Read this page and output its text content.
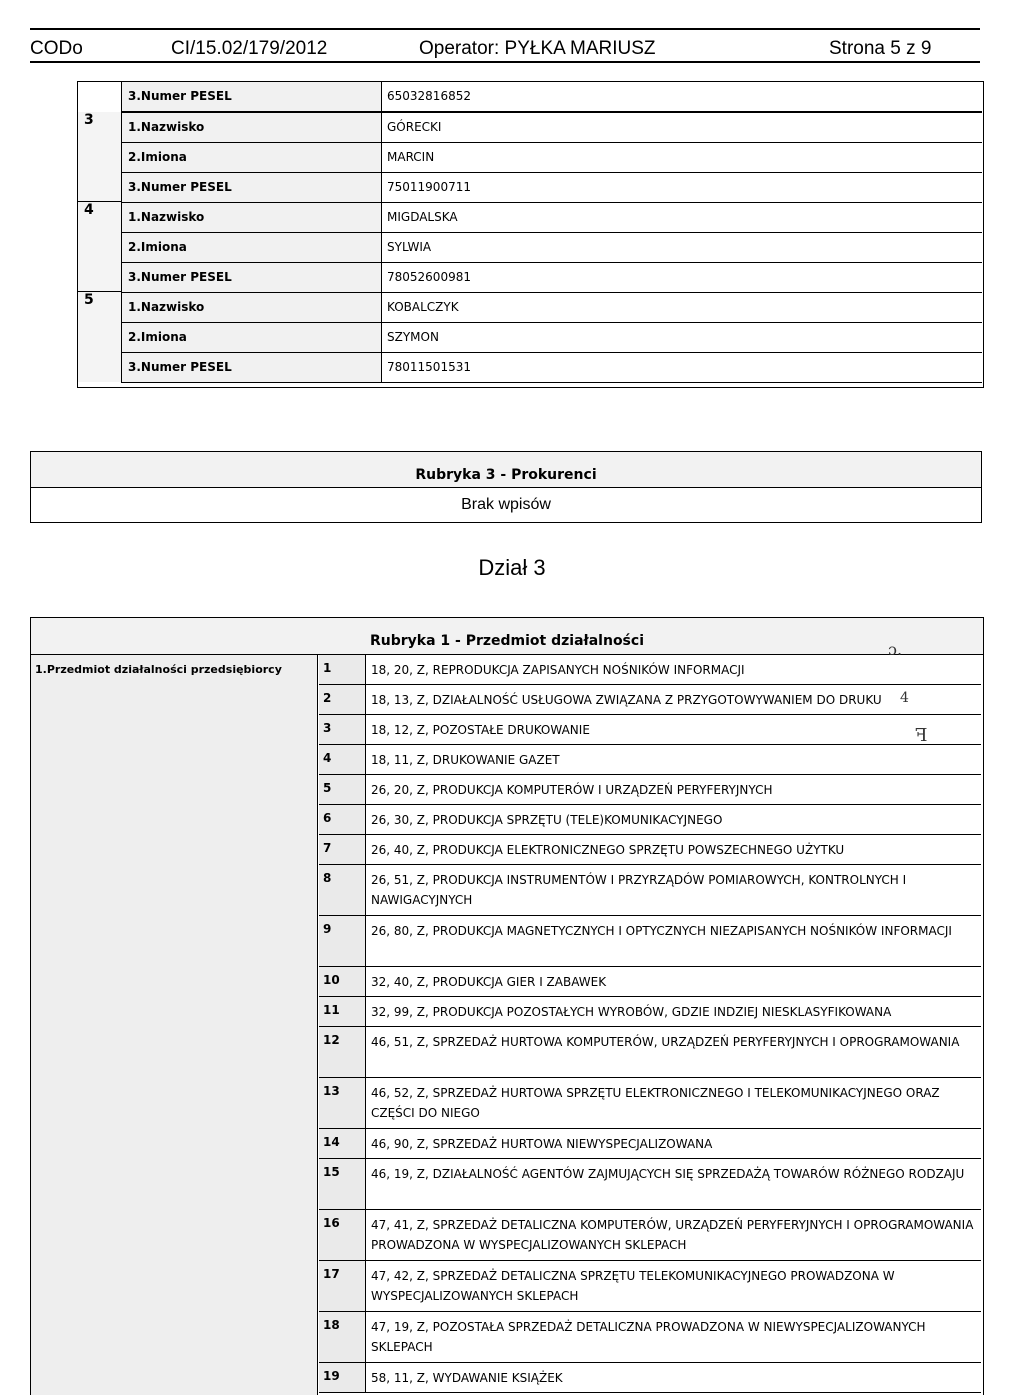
CODo	CI/15.02/179/2012	Operator: PYŁKA MARIUSZ	Strona 5 z 9
3.Numer PESEL	65032816852
3	1.Nazwisko	GÓRECKI
2.Imiona	MARCIN
3.Numer PESEL	75011900711
4	1.Nazwisko	MIGDALSKA
2.Imiona	SYLWIA
3.Numer PESEL	78052600981
5	1.Nazwisko	KOBALCZYK
2.Imiona	SZYMON
3.Numer PESEL	78011501531
Rubryka 3 - Prokurenci
Brak wpisów
Dział 3
Rubryka 1 - Przedmiot działalności
1.Przedmiot działalności przedsiębiorcy	1	18, 20, Z, REPRODUKCJA ZAPISANYCH NOŚNIKÓW INFORMACJI
2	18, 13, Z, DZIAŁALNOŚĆ USŁUGOWA ZWIĄZANA Z PRZYGOTOWYWANIEM DO DRUKU
3	18, 12, Z, POZOSTAŁE DRUKOWANIE
4	18, 11, Z, DRUKOWANIE GAZET
5	26, 20, Z, PRODUKCJA KOMPUTERÓW I URZĄDZEŃ PERYFERYJNYCH
6	26, 30, Z, PRODUKCJA SPRZĘTU (TELE)KOMUNIKACYJNEGO
7	26, 40, Z, PRODUKCJA ELEKTRONICZNEGO SPRZĘTU POWSZECHNEGO UŻYTKU
8	26, 51, Z, PRODUKCJA INSTRUMENTÓW I PRZYRZĄDÓW POMIAROWYCH, KONTROLNYCH I NAWIGACYJNYCH
9	26, 80, Z, PRODUKCJA MAGNETYCZNYCH I OPTYCZNYCH NIEZAPISANYCH NOŚNIKÓW INFORMACJI
10	32, 40, Z, PRODUKCJA GIER I ZABAWEK
11	32, 99, Z, PRODUKCJA POZOSTAŁYCH WYROBÓW, GDZIE INDZIEJ NIESKLASYFIKOWANA
12	46, 51, Z, SPRZEDAŻ HURTOWA KOMPUTERÓW, URZĄDZEŃ PERYFERYJNYCH I OPROGRAMOWANIA
13	46, 52, Z, SPRZEDAŻ HURTOWA SPRZĘTU ELEKTRONICZNEGO I TELEKOMUNIKACYJNEGO ORAZ CZĘŚCI DO NIEGO
14	46, 90, Z, SPRZEDAŻ HURTOWA NIEWYSPECJALIZOWANA
15	46, 19, Z, DZIAŁALNOŚĆ AGENTÓW ZAJMUJĄCYCH SIĘ SPRZEDAŻĄ TOWARÓW RÓŻNEGO RODZAJU
16	47, 41, Z, SPRZEDAŻ DETALICZNA KOMPUTERÓW, URZĄDZEŃ PERYFERYJNYCH I OPROGRAMOWANIA PROWADZONA W WYSPECJALIZOWANYCH SKLEPACH
17	47, 42, Z, SPRZEDAŻ DETALICZNA SPRZĘTU TELEKOMUNIKACYJNEGO PROWADZONA W WYSPECJALIZOWANYCH SKLEPACH
18	47, 19, Z, POZOSTAŁA SPRZEDAŻ DETALICZNA PROWADZONA W NIEWYSPECJALIZOWANYCH SKLEPACH
19	58, 11, Z, WYDAWANIE KSIĄŻEK
ɔ.
4
ꟻ
